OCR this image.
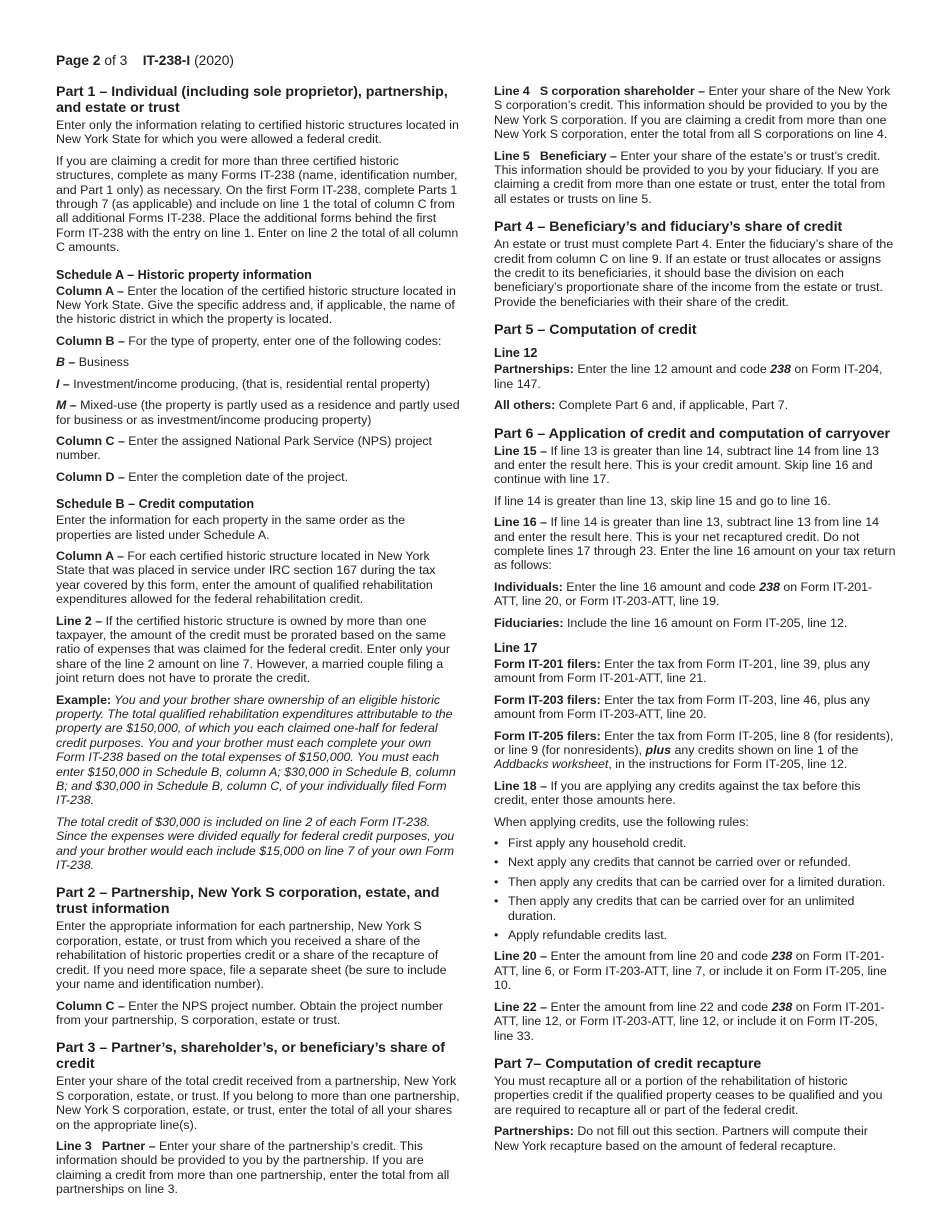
Page 2 of 3 IT-238-I (2020)
Part 1 – Individual (including sole proprietor), partnership, and estate or trust

Enter only the information relating to certified historic structures located in New York State for which you were allowed a federal credit.

If you are claiming a credit for more than three certified historic structures, complete as many Forms IT-238 (name, identification number, and Part 1 only) as necessary. On the first Form IT-238, complete Parts 1 through 7 (as applicable) and include on line 1 the total of column C from all additional Forms IT-238. Place the additional forms behind the first Form IT-238 with the entry on line 1. Enter on line 2 the total of all column C amounts.

Schedule A – Historic property information

Column A – Enter the location of the certified historic structure located in New York State. Give the specific address and, if applicable, the name of the historic district in which the property is located.

Column B – For the type of property, enter one of the following codes:

B – Business

I – Investment/income producing, (that is, residential rental property)

M – Mixed-use (the property is partly used as a residence and partly used for business or as investment/income producing property)

Column C – Enter the assigned National Park Service (NPS) project number.

Column D – Enter the completion date of the project.

Schedule B – Credit computation

Enter the information for each property in the same order as the properties are listed under Schedule A.

Column A – For each certified historic structure located in New York State that was placed in service under IRC section 167 during the tax year covered by this form, enter the amount of qualified rehabilitation expenditures allowed for the federal rehabilitation credit.

Line 2 – If the certified historic structure is owned by more than one taxpayer, the amount of the credit must be prorated based on the same ratio of expenses that was claimed for the federal credit. Enter only your share of the line 2 amount on line 7. However, a married couple filing a joint return does not have to prorate the credit.

Example: You and your brother share ownership of an eligible historic property. The total qualified rehabilitation expenditures attributable to the property are $150,000, of which you each claimed one-half for federal credit purposes. You and your brother must each complete your own Form IT-238 based on the total expenses of $150,000. You must each enter $150,000 in Schedule B, column A; $30,000 in Schedule B, column B; and $30,000 in Schedule B, column C, of your individually filed Form IT-238.

The total credit of $30,000 is included on line 2 of each Form IT-238. Since the expenses were divided equally for federal credit purposes, you and your brother would each include $15,000 on line 7 of your own Form IT-238.

Part 2 – Partnership, New York S corporation, estate, and trust information

Enter the appropriate information for each partnership, New York S corporation, estate, or trust from which you received a share of the rehabilitation of historic properties credit or a share of the recapture of credit. If you need more space, file a separate sheet (be sure to include your name and identification number).

Column C – Enter the NPS project number. Obtain the project number from your partnership, S corporation, estate or trust.

Part 3 – Partner’s, shareholder’s, or beneficiary’s share of credit

Enter your share of the total credit received from a partnership, New York S corporation, estate, or trust. If you belong to more than one partnership, New York S corporation, estate, or trust, enter the total of all your shares on the appropriate line(s).

Line 3 Partner – Enter your share of the partnership’s credit. This information should be provided to you by the partnership. If you are claiming a credit from more than one partnership, enter the total from all partnerships on line 3.

Line 4 S corporation shareholder – Enter your share of the New York S corporation’s credit. This information should be provided to you by the New York S corporation. If you are claiming a credit from more than one New York S corporation, enter the total from all S corporations on line 4.

Line 5 Beneficiary – Enter your share of the estate’s or trust’s credit. This information should be provided to you by your fiduciary. If you are claiming a credit from more than one estate or trust, enter the total from all estates or trusts on line 5.

Part 4 – Beneficiary’s and fiduciary’s share of credit

An estate or trust must complete Part 4. Enter the fiduciary’s share of the credit from column C on line 9. If an estate or trust allocates or assigns the credit to its beneficiaries, it should base the division on each beneficiary’s proportionate share of the income from the estate or trust. Provide the beneficiaries with their share of the credit.

Part 5 – Computation of credit
Line 12

Partnerships: Enter the line 12 amount and code 238 on Form IT-204, line 147.

All others: Complete Part 6 and, if applicable, Part 7.

Part 6 – Application of credit and computation of carryover

Line 15 – If line 13 is greater than line 14, subtract line 14 from line 13 and enter the result here. This is your credit amount. Skip line 16 and continue with line 17.

If line 14 is greater than line 13, skip line 15 and go to line 16.

Line 16 – If line 14 is greater than line 13, subtract line 13 from line 14 and enter the result here. This is your net recaptured credit. Do not complete lines 17 through 23. Enter the line 16 amount on your tax return as follows:

Individuals: Enter the line 16 amount and code 238 on Form IT-201-ATT, line 20, or Form IT-203-ATT, line 19.

Fiduciaries: Include the line 16 amount on Form IT-205, line 12.

Line 17

Form IT-201 filers: Enter the tax from Form IT-201, line 39, plus any amount from Form IT-201-ATT, line 21.

Form IT-203 filers: Enter the tax from Form IT-203, line 46, plus any amount from Form IT-203-ATT, line 20.

Form IT-205 filers: Enter the tax from Form IT-205, line 8 (for residents), or line 9 (for nonresidents), plus any credits shown on line 1 of the Addbacks worksheet, in the instructions for Form IT-205, line 12.

Line 18 – If you are applying any credits against the tax before this credit, enter those amounts here.

When applying credits, use the following rules:

• First apply any household credit.
• Next apply any credits that cannot be carried over or refunded.
• Then apply any credits that can be carried over for a limited duration.
• Then apply any credits that can be carried over for an unlimited duration.
• Apply refundable credits last.

Line 20 – Enter the amount from line 20 and code 238 on Form IT-201-ATT, line 6, or Form IT-203-ATT, line 7, or include it on Form IT-205, line 10.

Line 22 – Enter the amount from line 22 and code 238 on Form IT-201-ATT, line 12, or Form IT-203-ATT, line 12, or include it on Form IT-205, line 33.

Part 7– Computation of credit recapture

You must recapture all or a portion of the rehabilitation of historic properties credit if the qualified property ceases to be qualified and you are required to recapture all or part of the federal credit.

Partnerships: Do not fill out this section. Partners will compute their New York recapture based on the amount of federal recapture.
